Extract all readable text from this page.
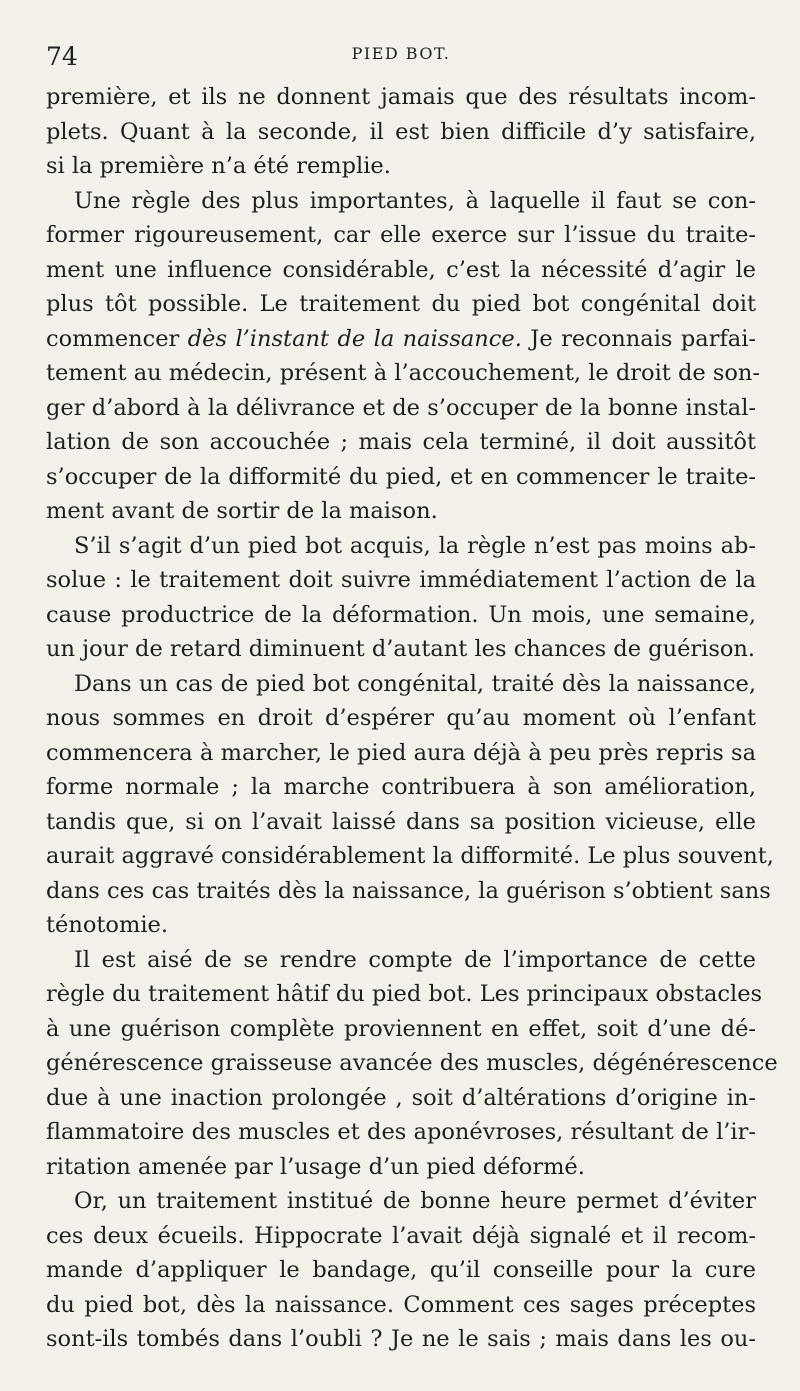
74	PIED BOT.
première, et ils ne donnent jamais que des résultats incom-
plets. Quant à la seconde, il est bien difficile d’y satisfaire,
si la première n’a été remplie.
Une règle des plus importantes, à laquelle il faut se con-
former rigoureusement, car elle exerce sur l’issue du traite-
ment une influence considérable, c’est la nécessité d’agir le
plus tôt possible. Le traitement du pied bot congénital doit
commencer dès l’instant de la naissance. Je reconnais parfai-
tement au médecin, présent à l’accouchement, le droit de son-
ger d’abord à la délivrance et de s’occuper de la bonne instal-
lation de son accouchée ; mais cela terminé, il doit aussitôt
s’occuper de la difformité du pied, et en commencer le traite-
ment avant de sortir de la maison.
S’il s’agit d’un pied bot acquis, la règle n’est pas moins ab-
solue : le traitement doit suivre immédiatement l’action de la
cause productrice de la déformation. Un mois, une semaine,
un jour de retard diminuent d’autant les chances de guérison.
Dans un cas de pied bot congénital, traité dès la naissance,
nous sommes en droit d’espérer qu’au moment où l’enfant
commencera à marcher, le pied aura déjà à peu près repris sa
forme normale ; la marche contribuera à son amélioration,
tandis que, si on l’avait laissé dans sa position vicieuse, elle
aurait aggravé considérablement la difformité. Le plus souvent,
dans ces cas traités dès la naissance, la guérison s’obtient sans
ténotomie.
Il est aisé de se rendre compte de l’importance de cette
règle du traitement hâtif du pied bot. Les principaux obstacles
à une guérison complète proviennent en effet, soit d’une dé-
générescence graisseuse avancée des muscles, dégénérescence
due à une inaction prolongée , soit d’altérations d’origine in-
flammatoire des muscles et des aponévroses, résultant de l’ir-
ritation amenée par l’usage d’un pied déformé.
Or, un traitement institué de bonne heure permet d’éviter
ces deux écueils. Hippocrate l’avait déjà signalé et il recom-
mande d’appliquer le bandage, qu’il conseille pour la cure
du pied bot, dès la naissance. Comment ces sages préceptes
sont-ils tombés dans l’oubli ? Je ne le sais ; mais dans les ou-
